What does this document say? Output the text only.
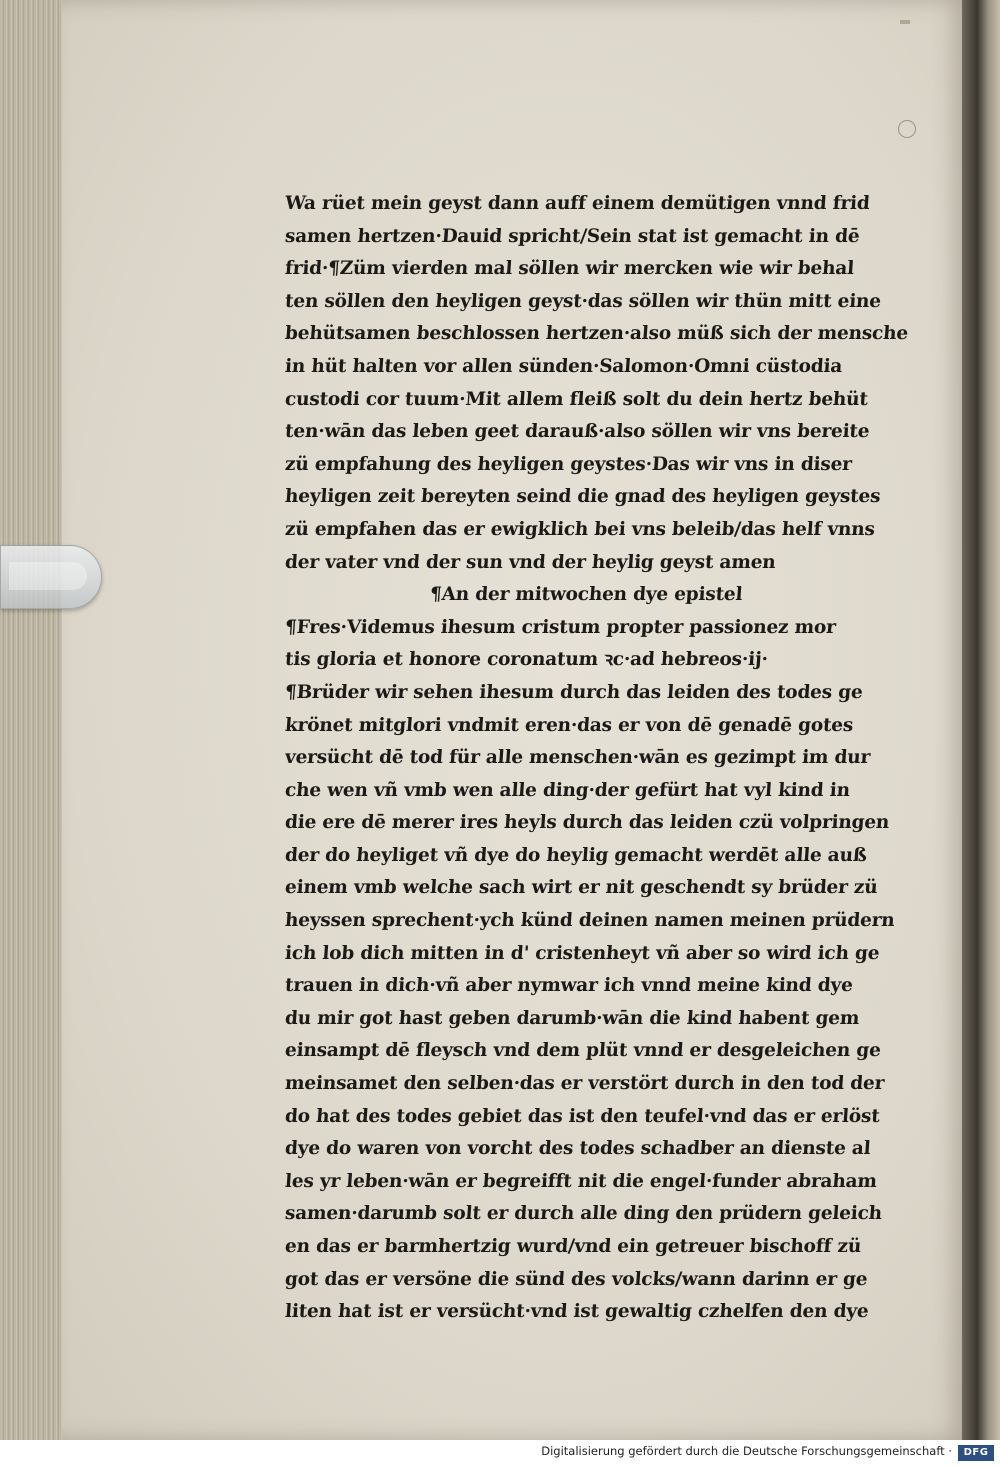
Wa rüet mein geyst dann auff einem demütigen vnnd frid
samen hertzen·Dauid spricht/Sein stat ist gemacht in dē
frid·¶Züm vierden mal söllen wir mercken wie wir behal
ten söllen den heyligen geyst·das söllen wir thün mitt eine
behütsamen beschlossen hertzen·also müß sich der mensche
in hüt halten vor allen sünden·Salomon·Omni cüstodia
custodi cor tuum·Mit allem fleiß solt du dein hertz behüt
ten·wān das leben geet darauß·also söllen wir vns bereite
zü empfahung des heyligen geystes·Das wir vns in diser
heyligen zeit bereyten seind die gnad des heyligen geystes
zü empfahen das er ewigklich bei vns beleib/das helf vnns
der vater vnd der sun vnd der heylig geyst amen
¶An der mitwochen dye epistel
¶Fres·Videmus ihesum cristum propter passionez mor
tis gloria et honore coronatum ꝛc·ad hebreos·ij·
¶Brüder wir sehen ihesum durch das leiden des todes ge
krönet mitglori vndmit eren·das er von dē genadē gotes
versücht dē tod für alle menschen·wān es gezimpt im dur
che wen vñ vmb wen alle ding·der gefürt hat vyl kind in
die ere dē merer ires heyls durch das leiden czü volpringen
der do heyliget vñ dye do heylig gemacht werdēt alle auß
einem vmb welche sach wirt er nit geschendt sy brüder zü
heyssen sprechent·ych künd deinen namen meinen prüdern
ich lob dich mitten in d' cristenheyt vñ aber so wird ich ge
trauen in dich·vñ aber nymwar ich vnnd meine kind dye
du mir got hast geben darumb·wān die kind habent gem
einsampt dē fleysch vnd dem plüt vnnd er desgeleichen ge
meinsamet den selben·das er verstört durch in den tod der
do hat des todes gebiet das ist den teufel·vnd das er erlöst
dye do waren von vorcht des todes schadber an dienste al
les yr leben·wān er begreifft nit die engel·funder abraham
samen·darumb solt er durch alle ding den prüdern geleich
en das er barmhertzig wurd/vnd ein getreuer bischoff zü
got das er versöne die sünd des volcks/wann darinn er ge
liten hat ist er versücht·vnd ist gewaltig czhelfen den dye
Digitalisierung gefördert durch die Deutsche Forschungsgemeinschaft ·	DFG
